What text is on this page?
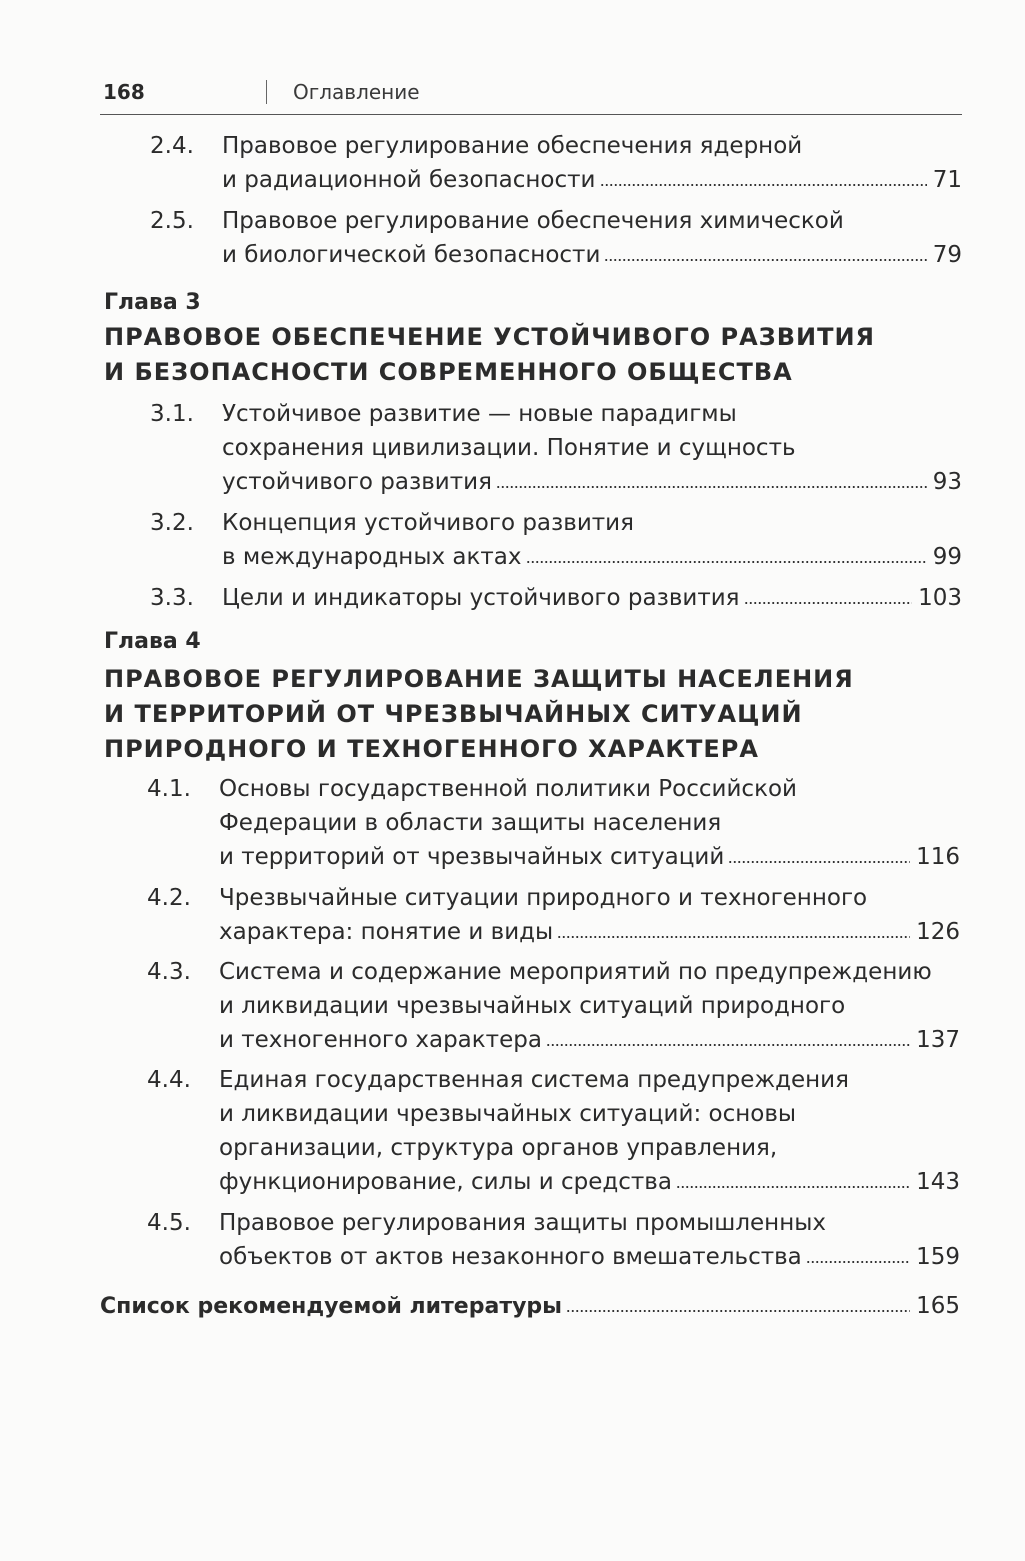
168	Оглавление
2.4. Правовое регулирование обеспечения ядерной
и радиационной безопасности	71
2.5. Правовое регулирование обеспечения химической
и биологической безопасности	79
Глава 3
ПРАВОВОЕ ОБЕСПЕЧЕНИЕ УСТОЙЧИВОГО РАЗВИТИЯ
И БЕЗОПАСНОСТИ СОВРЕМЕННОГО ОБЩЕСТВА
3.1. Устойчивое развитие — новые парадигмы
сохранения цивилизации. Понятие и сущность
устойчивого развития	93
3.2. Концепция устойчивого развития
в международных актах	99
3.3. Цели и индикаторы устойчивого развития	103
Глава 4
ПРАВОВОЕ РЕГУЛИРОВАНИЕ ЗАЩИТЫ НАСЕЛЕНИЯ
И ТЕРРИТОРИЙ ОТ ЧРЕЗВЫЧАЙНЫХ СИТУАЦИЙ
ПРИРОДНОГО И ТЕХНОГЕННОГО ХАРАКТЕРА
4.1. Основы государственной политики Российской
Федерации в области защиты населения
и территорий от чрезвычайных ситуаций	116
4.2. Чрезвычайные ситуации природного и техногенного
характера: понятие и виды	126
4.3. Система и содержание мероприятий по предупреждению
и ликвидации чрезвычайных ситуаций природного
и техногенного характера	137
4.4. Единая государственная система предупреждения
и ликвидации чрезвычайных ситуаций: основы
организации, структура органов управления,
функционирование, силы и средства	143
4.5. Правовое регулирования защиты промышленных
объектов от актов незаконного вмешательства	159
Список рекомендуемой литературы	165
